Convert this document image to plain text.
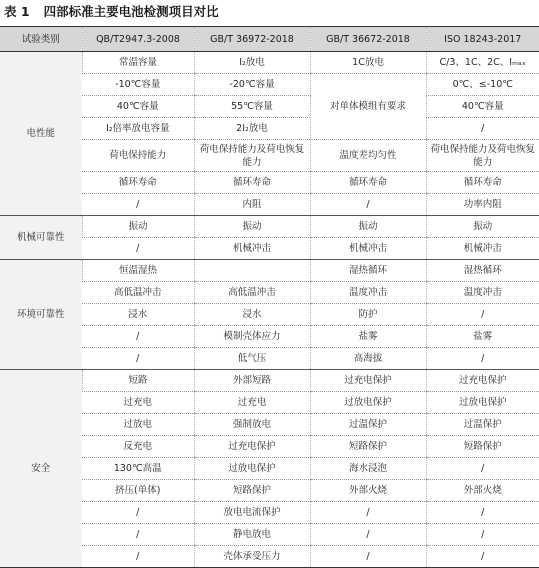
表 1 四部标准主要电池检测项目对比
试验类别	QB/T2947.3-2008	GB/T 36972-2018	GB/T 36672-2018	ISO 18243-2017
电性能	常温容量	I₂放电	1C放电	C/3、1C、2C、Iₘₐₓ
	-10℃容量	-20℃容量	对单体模组有要求	0℃、≤-10℃
	40℃容量	55℃容量		40℃容量
	I₂倍率放电容量	2I₂放电		/
	荷电保持能力	荷电保持能力及荷电恢复能力	温度差均匀性	荷电保持能力及荷电恢复能力
	循环寿命	循环寿命	循环寿命	循环寿命
	/	内阻	/	功率内阻
机械可靠性	振动	振动	振动	振动
	/	机械冲击	机械冲击	机械冲击
环境可靠性	恒温湿热		湿热循环	湿热循环
	高低温冲击	高低温冲击	温度冲击	温度冲击
	浸水	浸水	防护	/
	/	模制壳体应力	盐雾	盐雾
	/	低气压	高海拔	/
安全	短路	外部短路	过充电保护	过充电保护
	过充电	过充电	过放电保护	过放电保护
	过放电	强制放电	过温保护	过温保护
	反充电	过充电保护	短路保护	短路保护
	130℃高温	过放电保护	海水浸泡	/
	挤压(单体)	短路保护	外部火烧	外部火烧
	/	放电电流保护	/	/
	/	静电放电	/	/
	/	壳体承受压力	/	/
